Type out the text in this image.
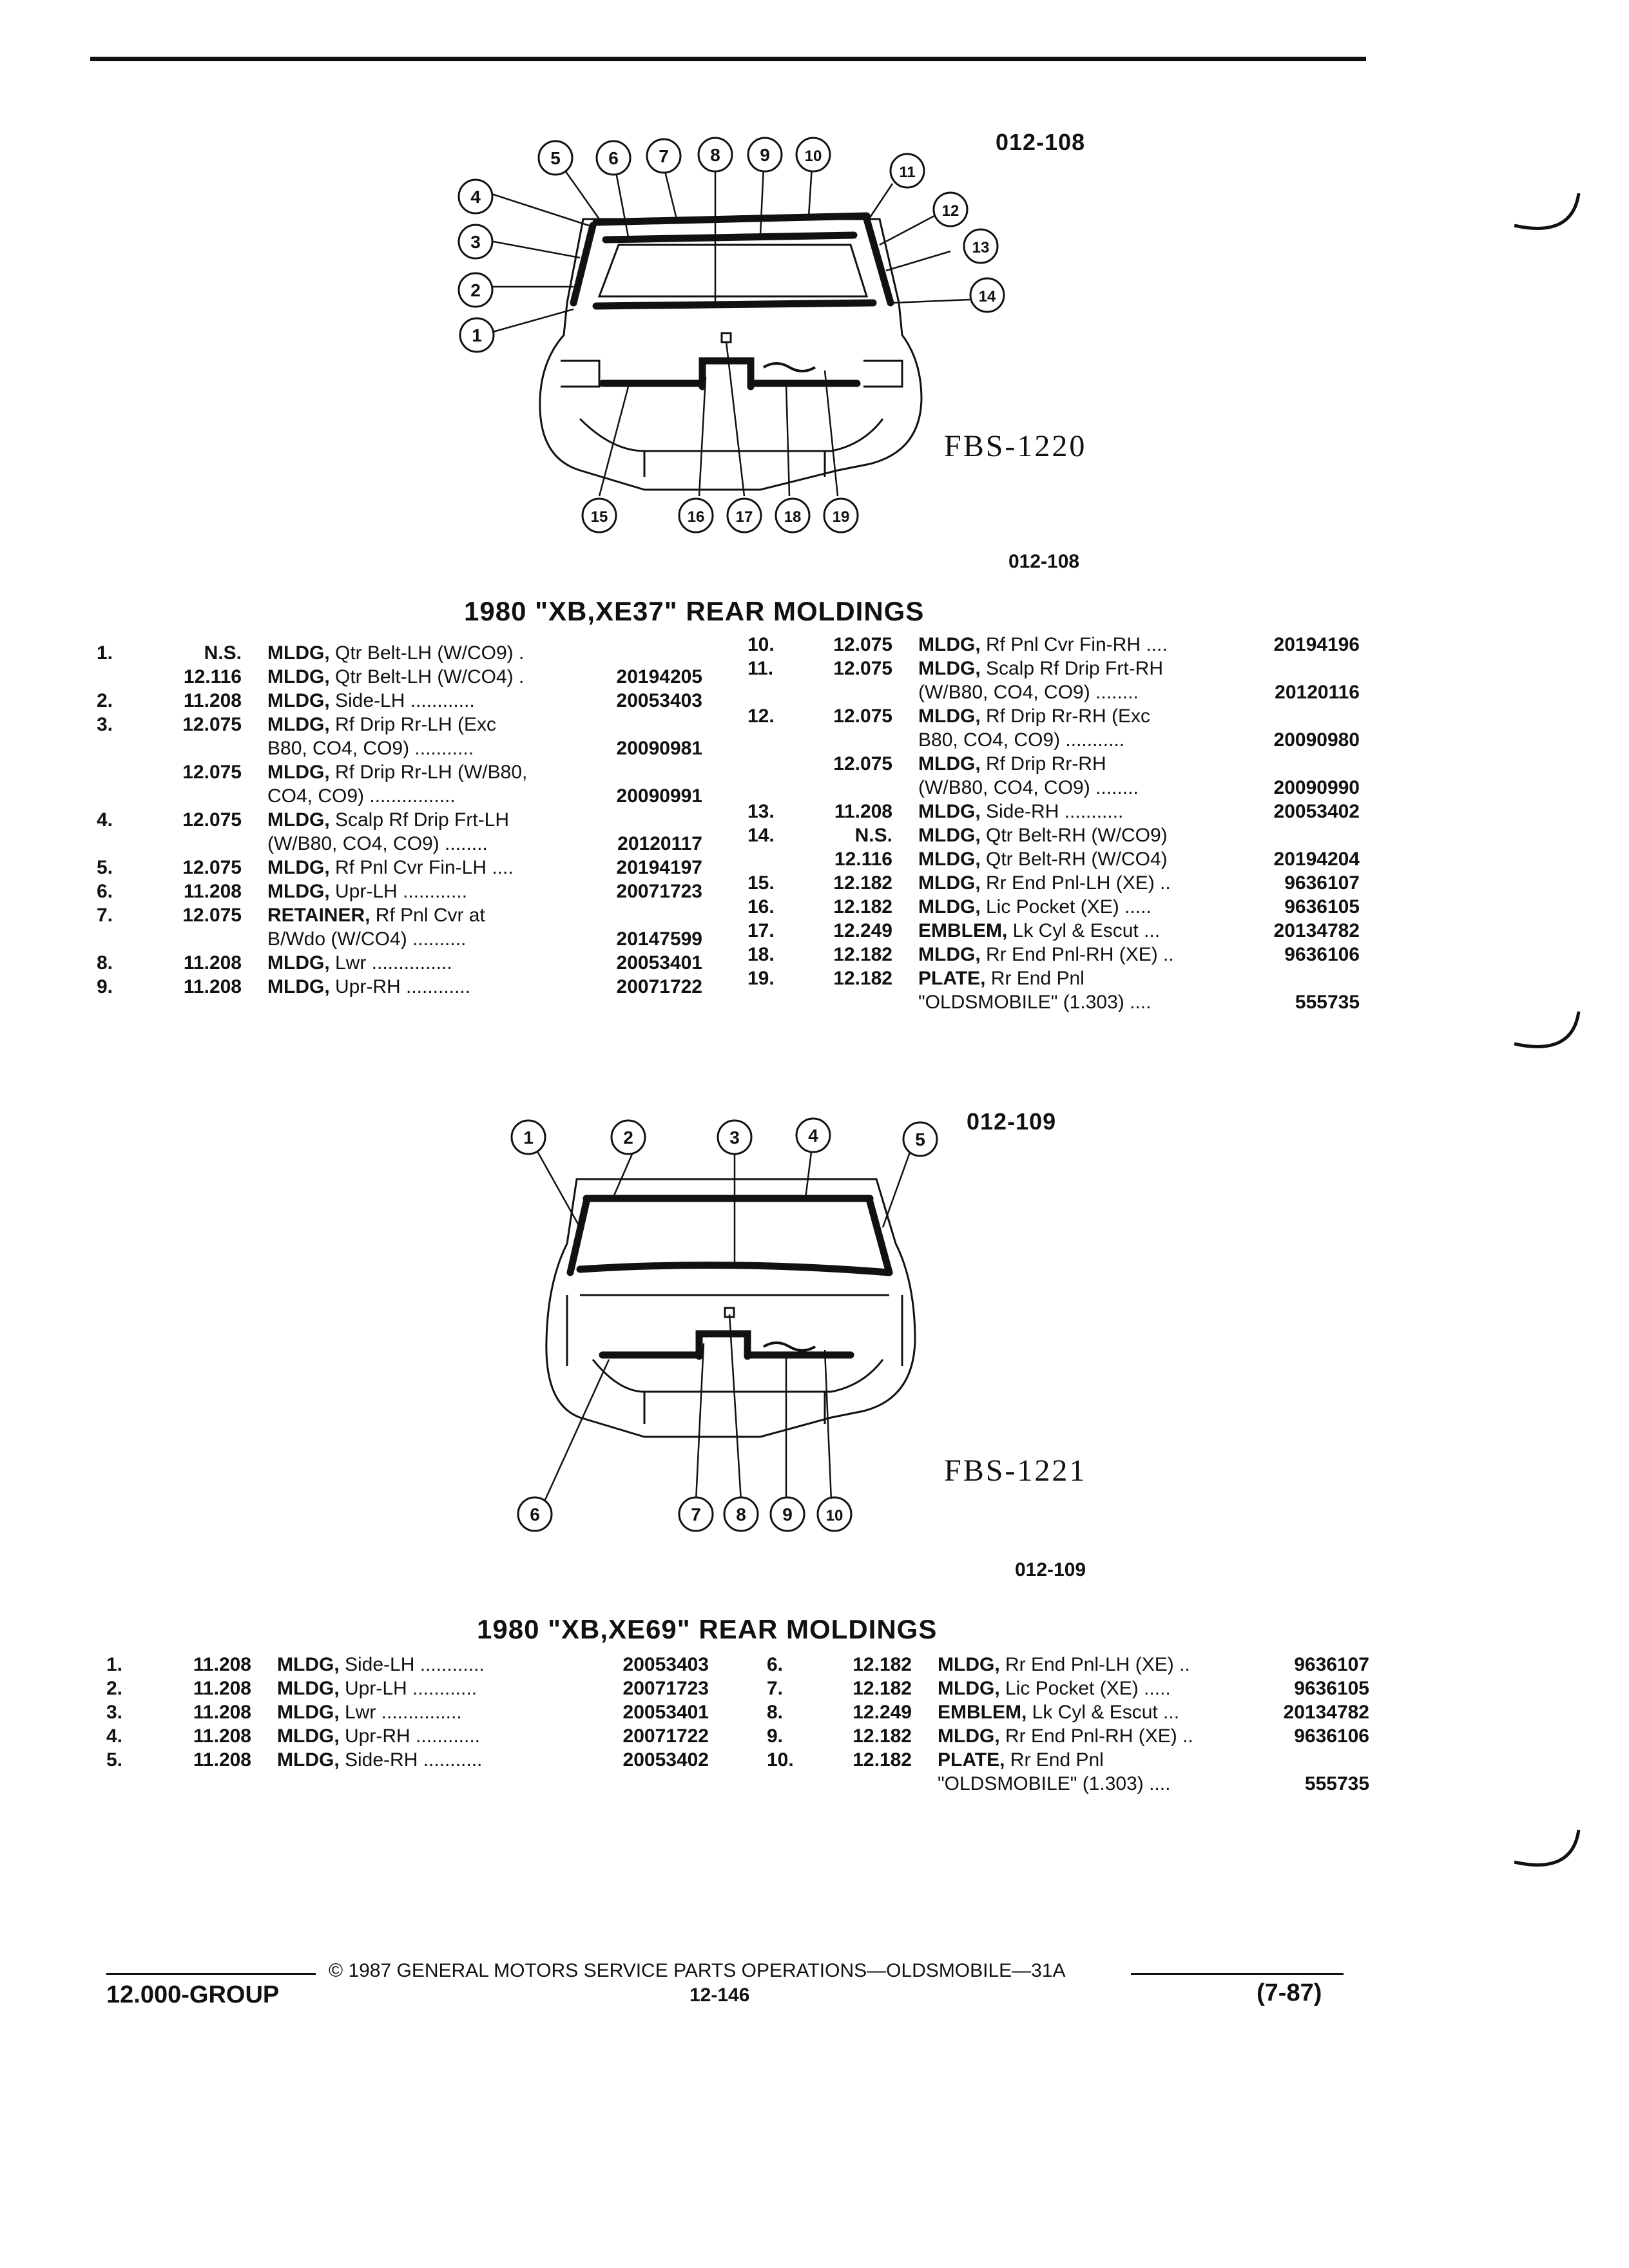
012-108
FBS-1220
012-108
1
2
3
4
5	6 7 8 9 10
11
12
13
14
15	16 17 18 19
1980 "XB,XE37" REAR MOLDINGS
1.	N.S.	MLDG, Qtr Belt-LH (W/CO9) .
12.116	MLDG, Qtr Belt-LH (W/CO4) .	20194205
2.	11.208	MLDG, Side-LH ............	20053403
3.	12.075	MLDG, Rf Drip Rr-LH (Exc
B80, CO4, CO9) ...........	20090981
12.075	MLDG, Rf Drip Rr-LH (W/B80,
CO4, CO9) ................	20090991
4.	12.075	MLDG, Scalp Rf Drip Frt-LH
(W/B80, CO4, CO9) ........	20120117
5.	12.075	MLDG, Rf Pnl Cvr Fin-LH ....	20194197
6.	11.208	MLDG, Upr-LH ............	20071723
7.	12.075	RETAINER, Rf Pnl Cvr at
B/Wdo (W/CO4) ..........	20147599
8.	11.208	MLDG, Lwr ...............	20053401
9.	11.208	MLDG, Upr-RH ............	20071722
10.	12.075	MLDG, Rf Pnl Cvr Fin-RH ....	20194196
11.	12.075	MLDG, Scalp Rf Drip Frt-RH
(W/B80, CO4, CO9) ........	20120116
12.	12.075	MLDG, Rf Drip Rr-RH (Exc
B80, CO4, CO9) ...........	20090980
12.075	MLDG, Rf Drip Rr-RH
(W/B80, CO4, CO9) ........	20090990
13.	11.208	MLDG, Side-RH ...........	20053402
14.	N.S.	MLDG, Qtr Belt-RH (W/CO9)
12.116	MLDG, Qtr Belt-RH (W/CO4)	20194204
15.	12.182	MLDG, Rr End Pnl-LH (XE) ..	9636107
16.	12.182	MLDG, Lic Pocket (XE) .....	9636105
17.	12.249	EMBLEM, Lk Cyl & Escut ...	20134782
18.	12.182	MLDG, Rr End Pnl-RH (XE) ..	9636106
19.	12.182	PLATE, Rr End Pnl
"OLDSMOBILE" (1.303) ....	555735
012-109
FBS-1221
012-109
1	2	3	4	5
6	7 8 9 10
1980 "XB,XE69" REAR MOLDINGS
1.	11.208	MLDG, Side-LH ............	20053403
2.	11.208	MLDG, Upr-LH ............	20071723
3.	11.208	MLDG, Lwr ...............	20053401
4.	11.208	MLDG, Upr-RH ............	20071722
5.	11.208	MLDG, Side-RH ...........	20053402
6.	12.182	MLDG, Rr End Pnl-LH (XE) ..	9636107
7.	12.182	MLDG, Lic Pocket (XE) .....	9636105
8.	12.249	EMBLEM, Lk Cyl & Escut ...	20134782
9.	12.182	MLDG, Rr End Pnl-RH (XE) ..	9636106
10.	12.182	PLATE, Rr End Pnl
"OLDSMOBILE" (1.303) ....	555735
© 1987 GENERAL MOTORS SERVICE PARTS OPERATIONS—OLDSMOBILE—31A
12.000-GROUP	12-146	(7-87)
